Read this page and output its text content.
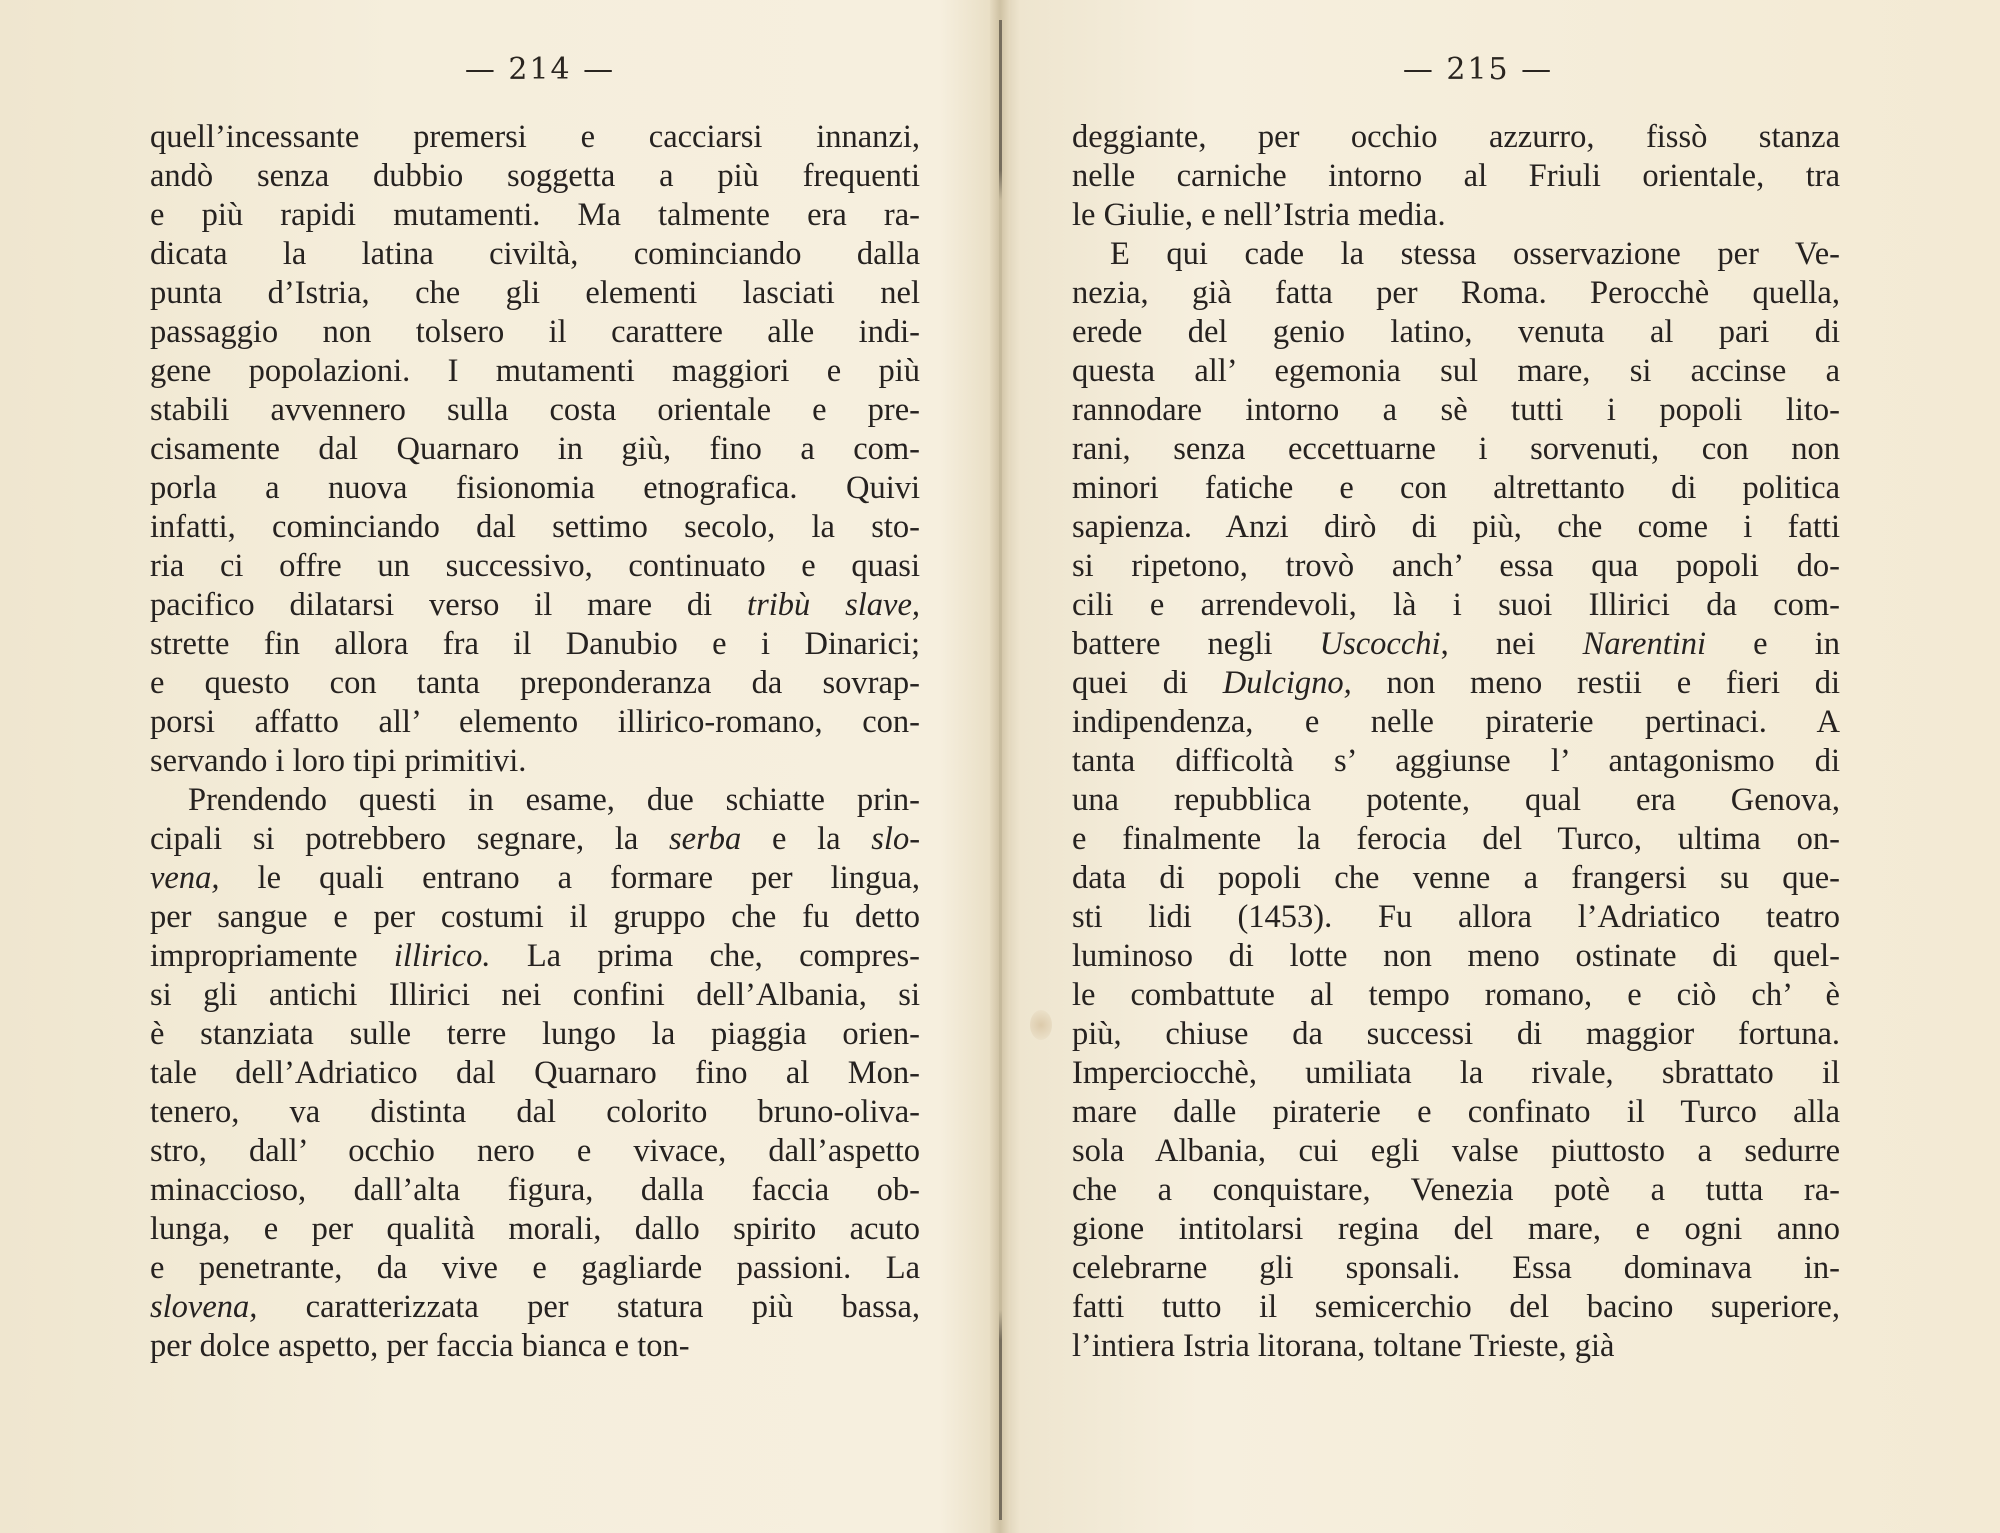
— 214 —
quell’incessante premersi e cacciarsi innanzi,
andò senza dubbio soggetta a più frequenti
e più rapidi mutamenti. Ma talmente era ra-
dicata la latina civiltà, cominciando dalla
punta d’Istria, che gli elementi lasciati nel
passaggio non tolsero il carattere alle indi-
gene popolazioni. I mutamenti maggiori e più
stabili avvennero sulla costa orientale e pre-
cisamente dal Quarnaro in giù, fino a com-
porla a nuova fisionomia etnografica. Quivi
infatti, cominciando dal settimo secolo, la sto-
ria ci offre un successivo, continuato e quasi
pacifico dilatarsi verso il mare di tribù slave,
strette fin allora fra il Danubio e i Dinarici;
e questo con tanta preponderanza da sovrap-
porsi affatto all’ elemento illirico-romano, con-
servando i loro tipi primitivi.
Prendendo questi in esame, due schiatte prin-
cipali si potrebbero segnare, la serba e la slo-
vena, le quali entrano a formare per lingua,
per sangue e per costumi il gruppo che fu detto
impropriamente illirico. La prima che, compres-
si gli antichi Illirici nei confini dell’Albania, si
è stanziata sulle terre lungo la piaggia orien-
tale dell’Adriatico dal Quarnaro fino al Mon-
tenero, va distinta dal colorito bruno-oliva-
stro, dall’ occhio nero e vivace, dall’aspetto
minaccioso, dall’alta figura, dalla faccia ob-
lunga, e per qualità morali, dallo spirito acuto
e penetrante, da vive e gagliarde passioni. La
slovena, caratterizzata per statura più bassa,
per dolce aspetto, per faccia bianca e ton-
— 215 —
deggiante, per occhio azzurro, fissò stanza
nelle carniche intorno al Friuli orientale, tra
le Giulie, e nell’Istria media.
E qui cade la stessa osservazione per Ve-
nezia, già fatta per Roma. Perocchè quella,
erede del genio latino, venuta al pari di
questa all’ egemonia sul mare, si accinse a
rannodare intorno a sè tutti i popoli lito-
rani, senza eccettuarne i sorvenuti, con non
minori fatiche e con altrettanto di politica
sapienza. Anzi dirò di più, che come i fatti
si ripetono, trovò anch’ essa qua popoli do-
cili e arrendevoli, là i suoi Illirici da com-
battere negli Uscocchi, nei Narentini e in
quei di Dulcigno, non meno restii e fieri di
indipendenza, e nelle piraterie pertinaci. A
tanta difficoltà s’ aggiunse l’ antagonismo di
una repubblica potente, qual era Genova,
e finalmente la ferocia del Turco, ultima on-
data di popoli che venne a frangersi su que-
sti lidi (1453). Fu allora l’Adriatico teatro
luminoso di lotte non meno ostinate di quel-
le combattute al tempo romano, e ciò ch’ è
più, chiuse da successi di maggior fortuna.
Imperciocchè, umiliata la rivale, sbrattato il
mare dalle piraterie e confinato il Turco alla
sola Albania, cui egli valse piuttosto a sedurre
che a conquistare, Venezia potè a tutta ra-
gione intitolarsi regina del mare, e ogni anno
celebrarne gli sponsali. Essa dominava in-
fatti tutto il semicerchio del bacino superiore,
l’intiera Istria litorana, toltane Trieste, già
